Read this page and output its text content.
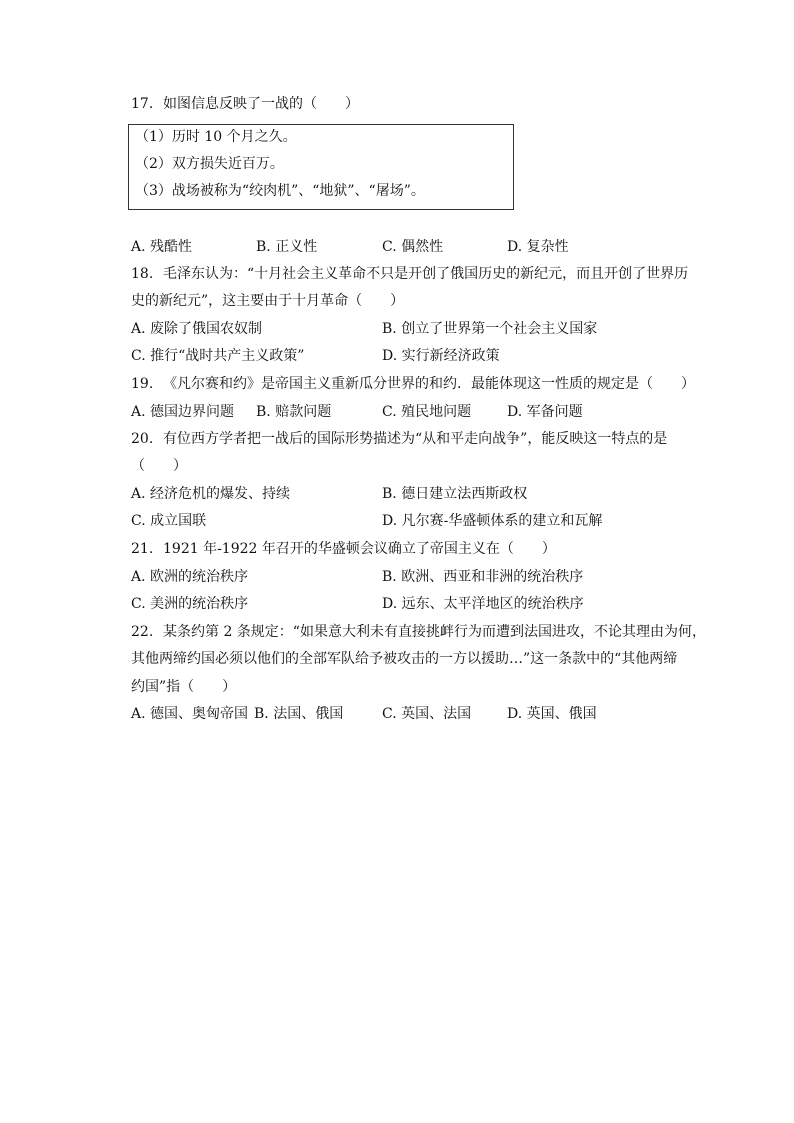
17. 如图信息反映了一战的（　　）
（1）历时 10 个月之久。
（2）双方损失近百万。
（3）战场被称为“绞肉机”、“地狱”、“屠场”。
A. 残酷性	B. 正义性	C. 偶然性	D. 复杂性
18. 毛泽东认为：“十月社会主义革命不只是开创了俄国历史的新纪元，而且开创了世界历
史的新纪元”，这主要由于十月革命（　　）
A. 废除了俄国农奴制	B. 创立了世界第一个社会主义国家
C. 推行“战时共产主义政策”	D. 实行新经济政策
19. 《凡尔赛和约》是帝国主义重新瓜分世界的和约．最能体现这一性质的规定是（　　）
A. 德国边界问题 B. 赔款问题	C. 殖民地问题	D. 军备问题
20. 有位西方学者把一战后的国际形势描述为“从和平走向战争”，能反映这一特点的是
（　　）
A. 经济危机的爆发、持续	B. 德日建立法西斯政权
C. 成立国联	D. 凡尔赛-华盛顿体系的建立和瓦解
21. 1921 年-1922 年召开的华盛顿会议确立了帝国主义在（　　）
A. 欧洲的统治秩序	B. 欧洲、西亚和非洲的统治秩序
C. 美洲的统治秩序	D. 远东、太平洋地区的统治秩序
22. 某条约第 2 条规定：“如果意大利未有直接挑衅行为而遭到法国进攻，不论其理由为何，
其他两缔约国必须以他们的全部军队给予被攻击的一方以援助…”这一条款中的“其他两缔
约国”指（　　）
A. 德国、奥匈帝国 B. 法国、俄国	C. 英国、法国	D. 英国、俄国
